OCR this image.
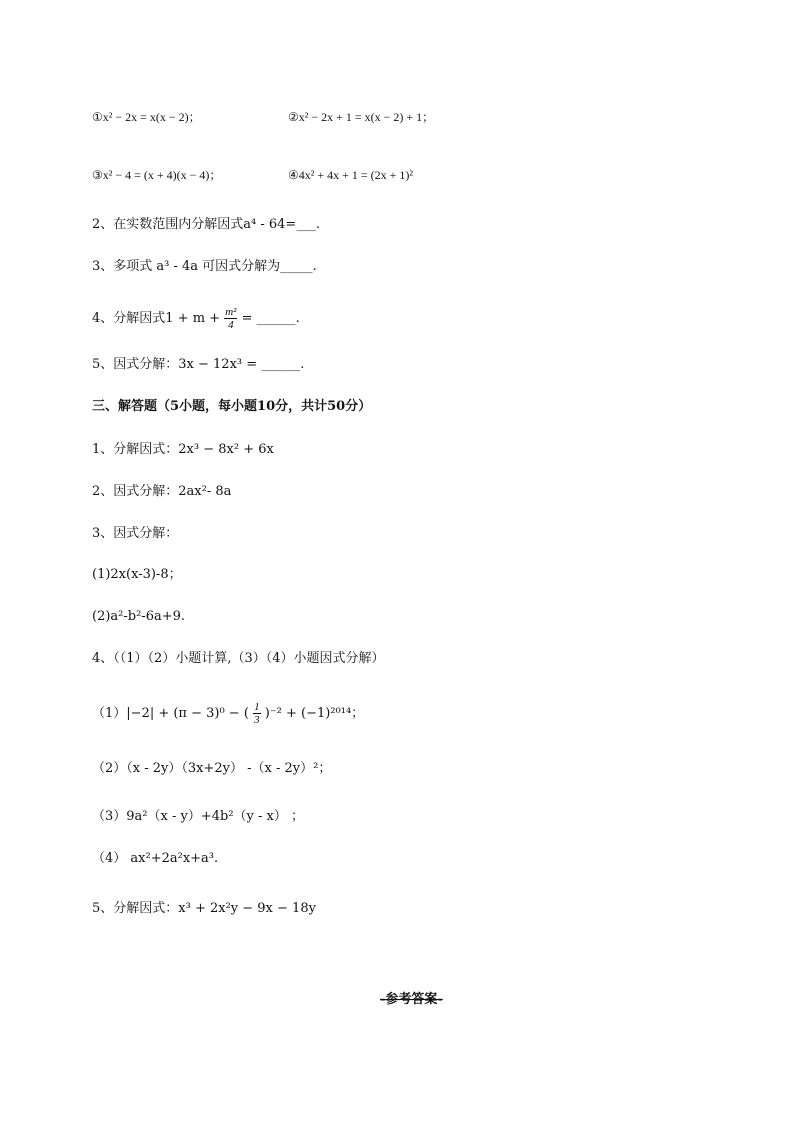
①x² − 2x = x(x − 2)；	②x² − 2x + 1 = x(x − 2) + 1；
③x² − 4 = (x + 4)(x − 4)；	④4x² + 4x + 1 = (2x + 1)²
2、在实数范围内分解因式a⁴ - 64=___.
3、多项式 a³ - 4a 可因式分解为_____.
4、分解因式$1 + m + \frac{\text{m²}}{4}$ = ______.
5、因式分解：3x − 12x³ = ______.
三、解答题（5小题，每小题10分，共计50分）
1、分解因式：2x³ − 8x² + 6x
2、因式分解：2ax²- 8a
3、因式分解：
(1)2x(x-3)-8；
(2)a²-b²-6a+9.
4、（（1）（2）小题计算,（3）（4）小题因式分解）
（1）|−2| + (π − 3)⁰ − ( $\frac{1}{3} )^{-2} + (-1)^{2014}$；
（2）（x - 2y）（3x+2y） -（x - 2y）²；
（3）9a²（x - y）+4b²（y - x） ；
（4） ax²+2a²x+a³.
5、分解因式：x³ + 2x²y − 9x − 18y
-参考答案-
